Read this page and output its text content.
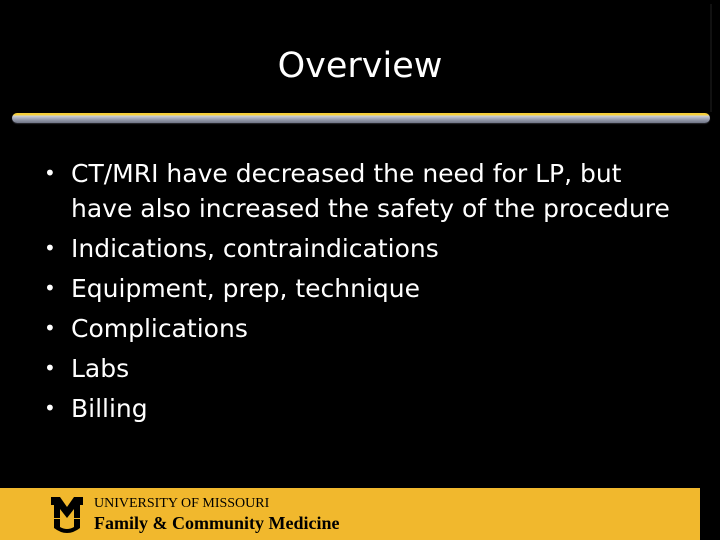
Overview
• CT/MRI have decreased the need for LP, but have also increased the safety of the procedure
• Indications, contraindications
• Equipment, prep, technique
• Complications
• Labs
• Billing

UNIVERSITY OF MISSOURI

Family & Community Medicine
